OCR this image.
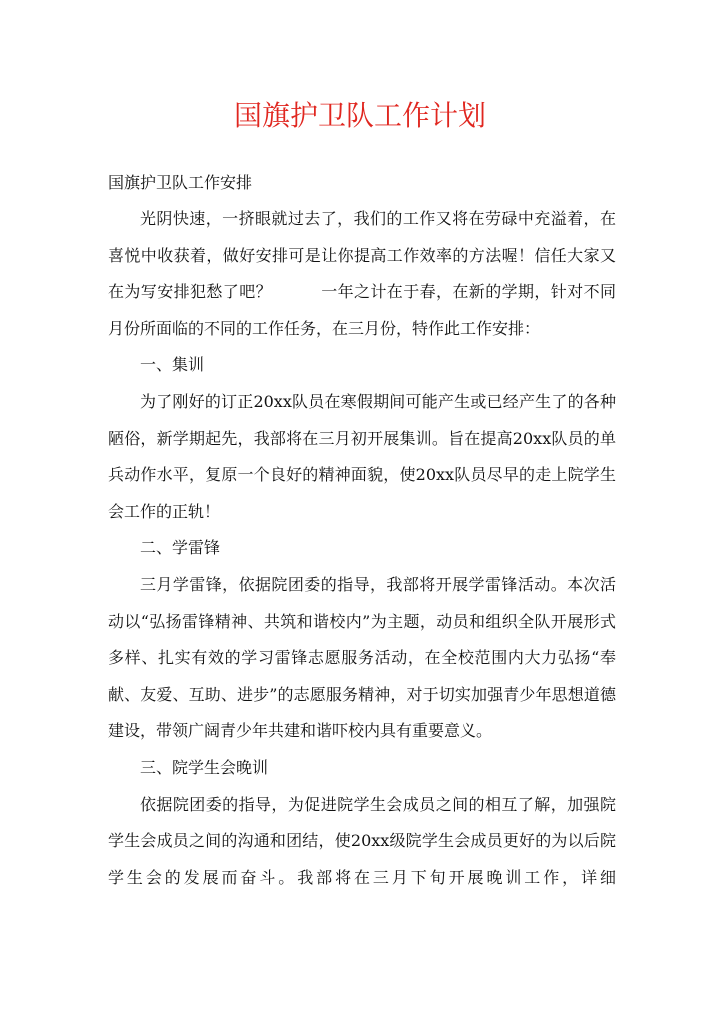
国旗护卫队工作计划
国旗护卫队工作安排

光阴快速，一挤眼就过去了，我们的工作又将在劳碌中充溢着，在喜悦中收获着，做好安排可是让你提高工作效率的方法喔！信任大家又在为写安排犯愁了吧？　　　一年之计在于春，在新的学期，针对不同月份所面临的不同的工作任务，在三月份，特作此工作安排：

一、集训

为了刚好的订正20xx队员在寒假期间可能产生或已经产生了的各种陋俗，新学期起先，我部将在三月初开展集训。旨在提高20xx队员的单兵动作水平，复原一个良好的精神面貌，使20xx队员尽早的走上院学生会工作的正轨！

二、学雷锋

三月学雷锋，依据院团委的指导，我部将开展学雷锋活动。本次活动以“弘扬雷锋精神、共筑和谐校内”为主题，动员和组织全队开展形式多样、扎实有效的学习雷锋志愿服务活动，在全校范围内大力弘扬“奉献、友爱、互助、进步”的志愿服务精神，对于切实加强青少年思想道德建设，带领广阔青少年共建和谐吓校内具有重要意义。

三、院学生会晚训

依据院团委的指导，为促进院学生会成员之间的相互了解，加强院学生会成员之间的沟通和团结，使20xx级院学生会成员更好的为以后院学生会的发展而奋斗。我部将在三月下旬开展晚训工作，详细
